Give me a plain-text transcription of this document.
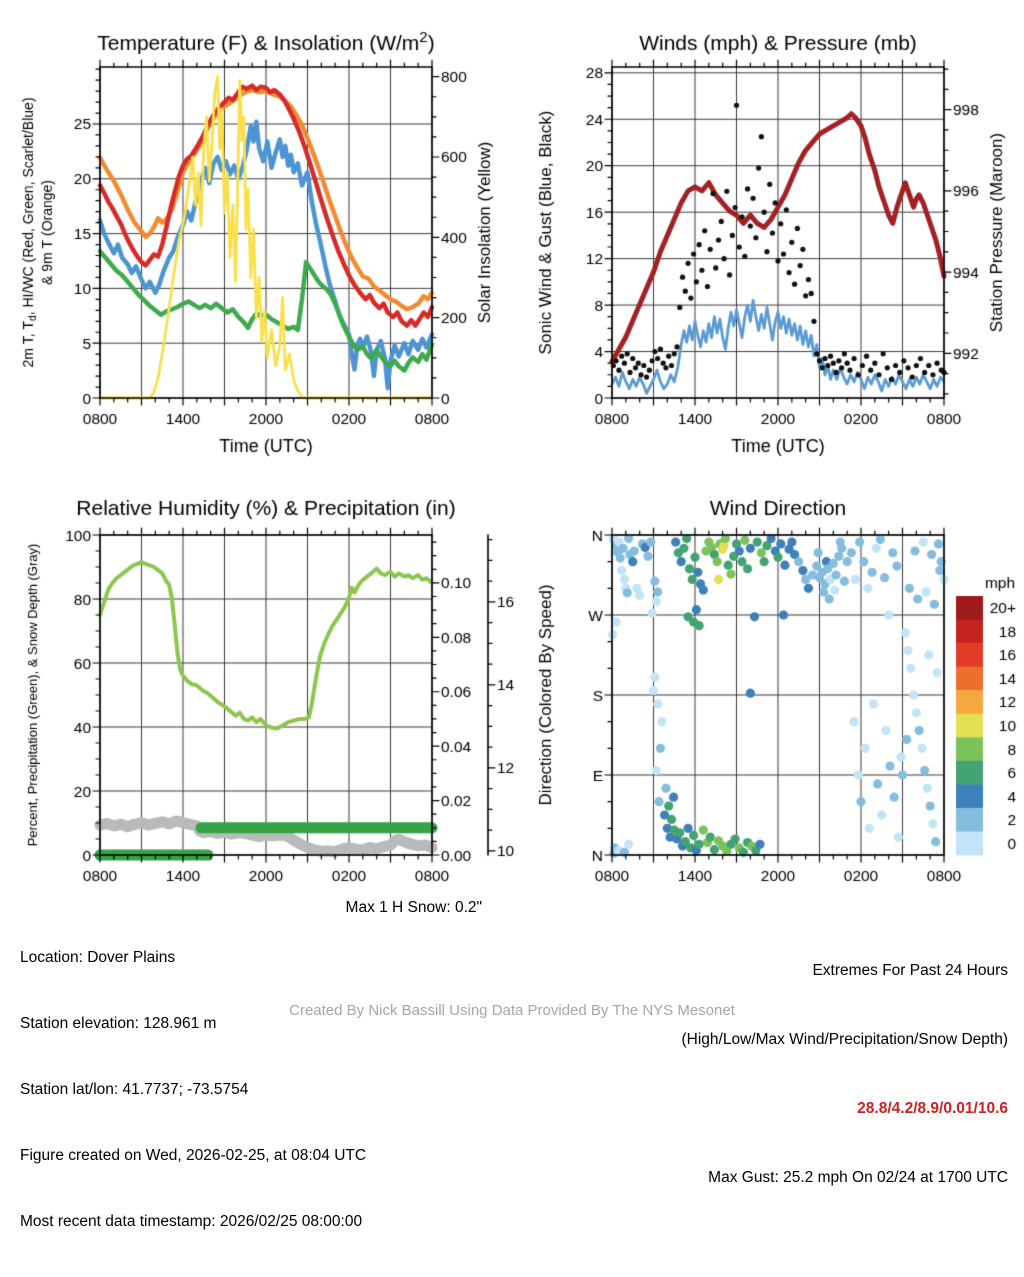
Max 1 H Snow: 0.2"

Location: Dover Plains

Station elevation: 128.961 m

Station lat/lon: 41.7737; -73.5754

Figure created on Wed, 2026-02-25, at 08:04 UTC

Most recent data timestamp: 2026/02/25 08:00:00

Extremes For Past 24 Hours

(High/Low/Max Wind/Precipitation/Snow Depth)

28.8/4.2/8.9/0.01/10.6

Max Gust: 25.2 mph On 02/24 at 1700 UTC

Created By Nick Bassill Using Data Provided By The NYS Mesonet
